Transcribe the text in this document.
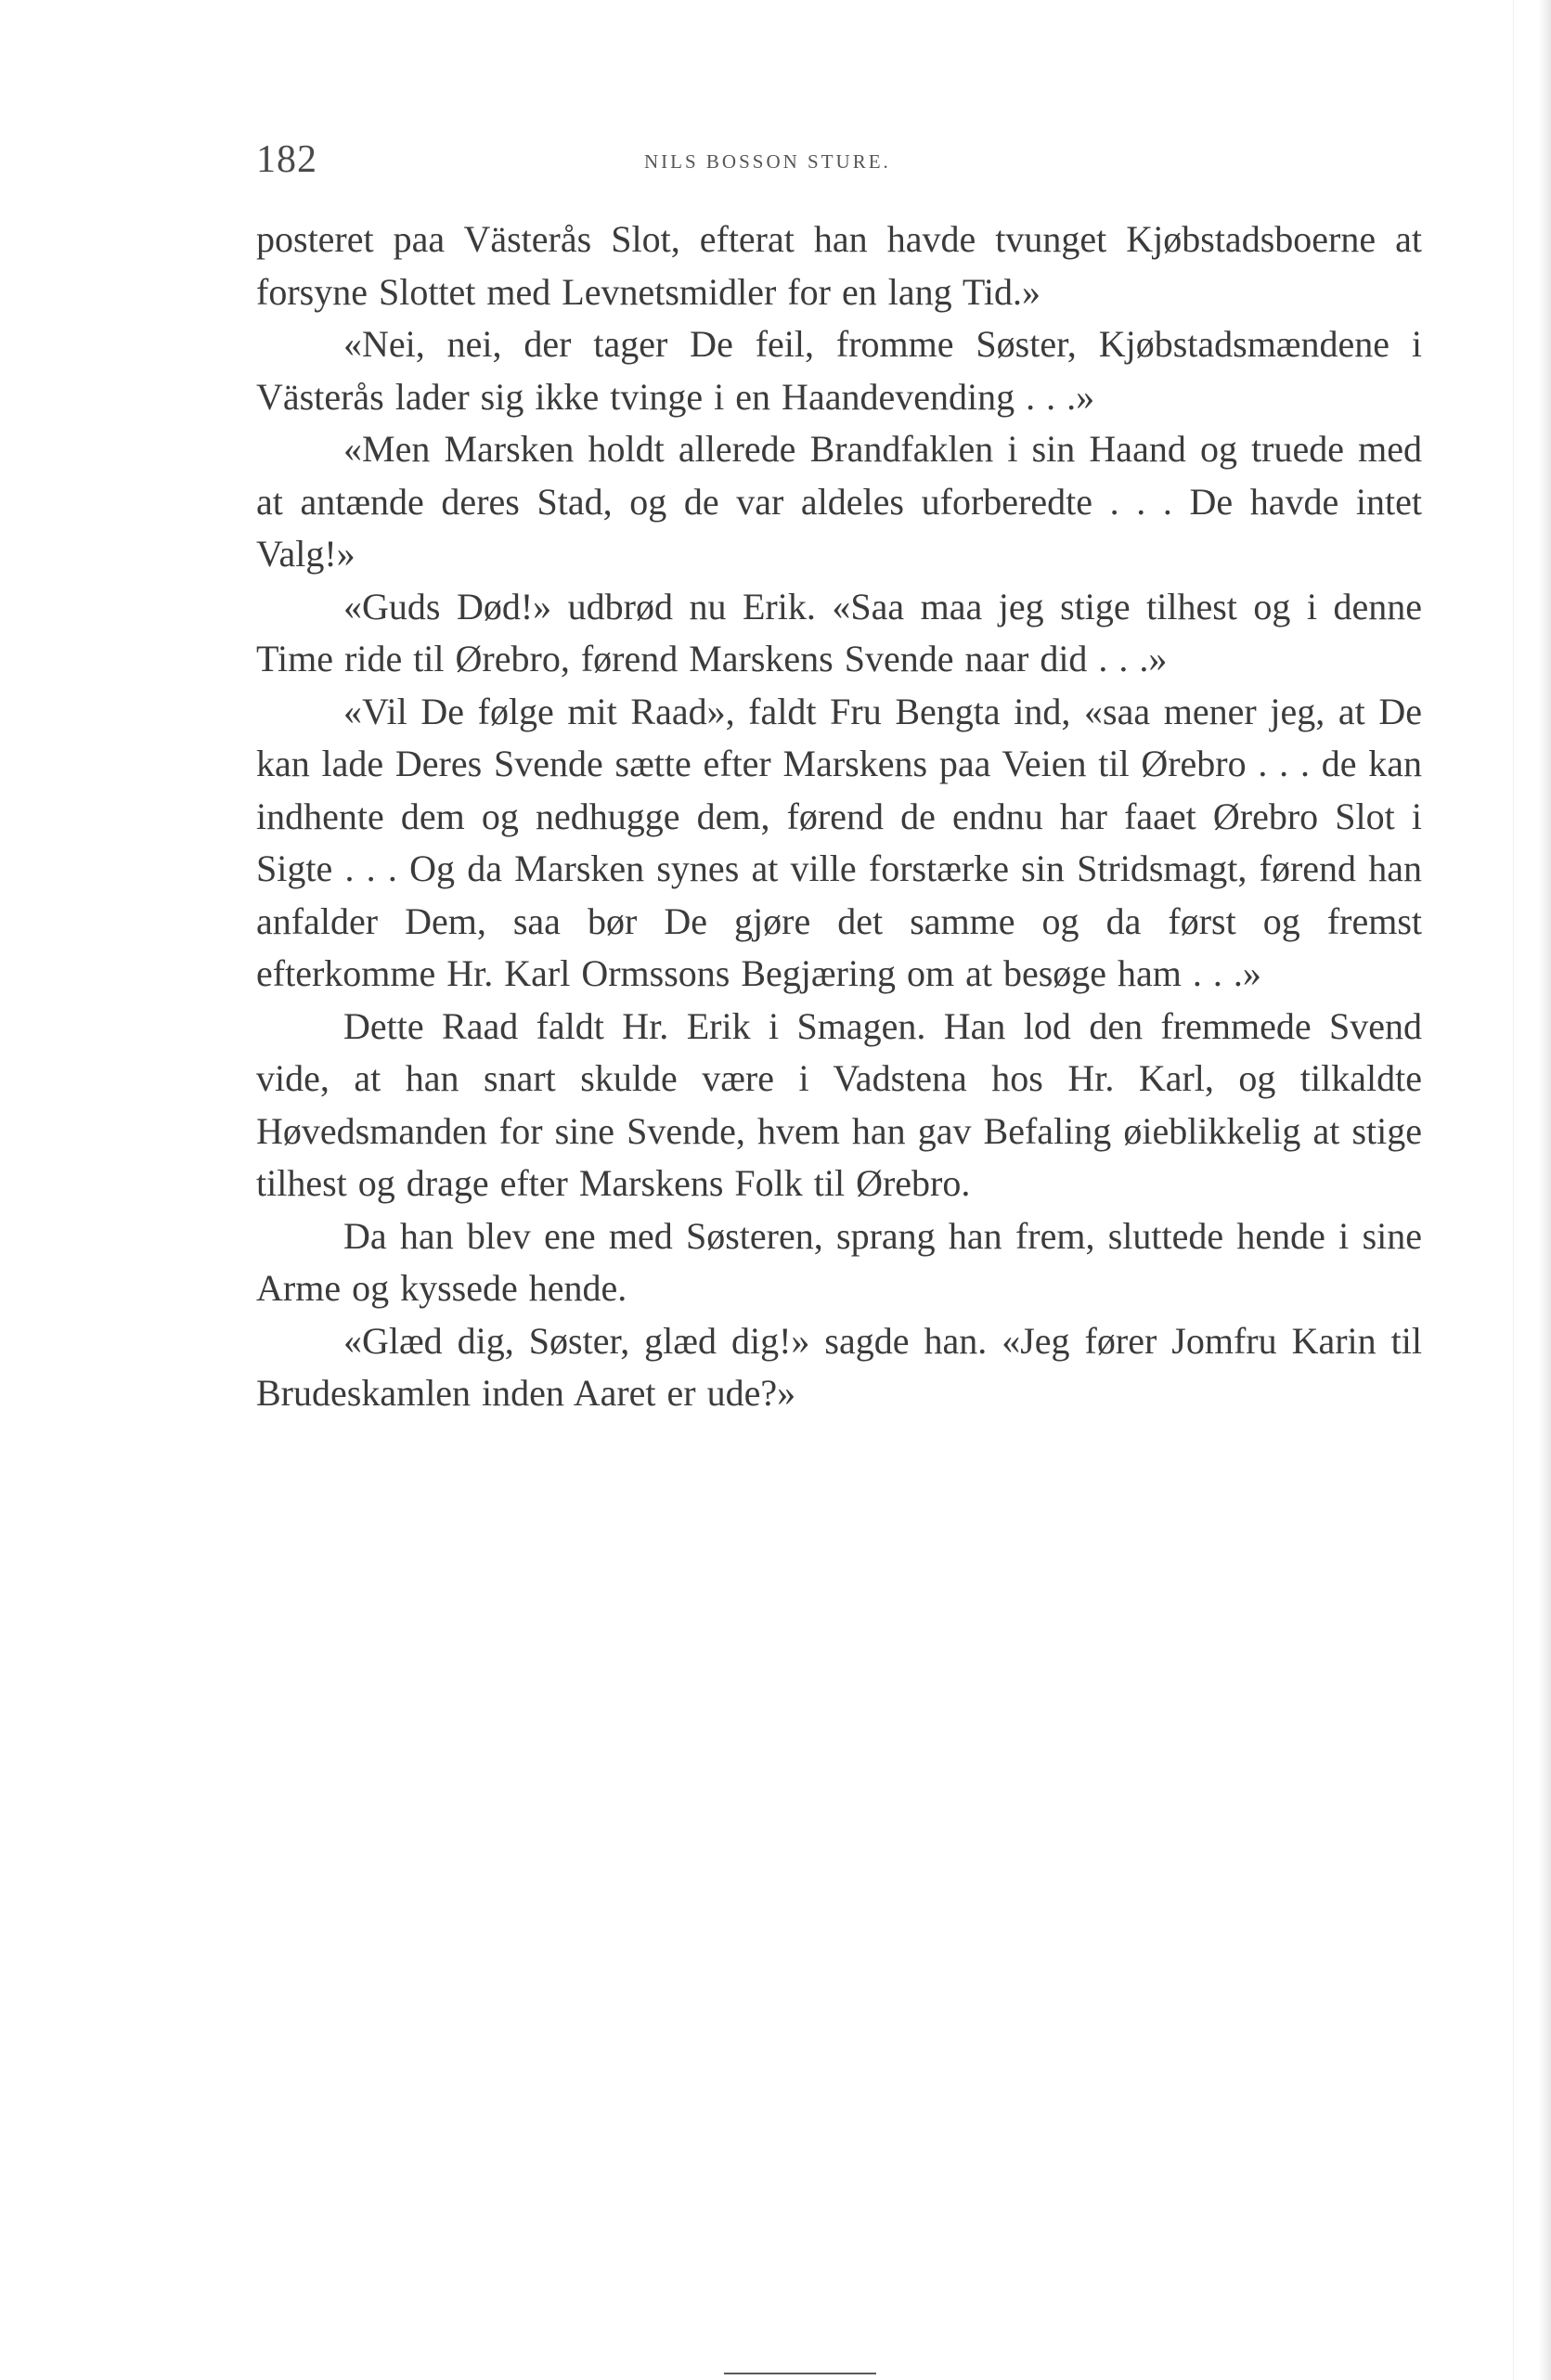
182	NILS BOSSON STURE.

posteret paa Västerås Slot, efterat han havde tvunget Kjøbstadsboerne at forsyne Slottet med Levnetsmidler for en lang Tid.»

«Nei, nei, der tager De feil, fromme Søster, Kjøbstadsmændene i Västerås lader sig ikke tvinge i en Haandevending . . .»

«Men Marsken holdt allerede Brandfaklen i sin Haand og truede med at antænde deres Stad, og de var aldeles uforberedte . . . De havde intet Valg!»

«Guds Død!» udbrød nu Erik. «Saa maa jeg stige tilhest og i denne Time ride til Ørebro, førend Marskens Svende naar did . . .»

«Vil De følge mit Raad», faldt Fru Bengta ind, «saa mener jeg, at De kan lade Deres Svende sætte efter Marskens paa Veien til Ørebro . . . de kan indhente dem og nedhugge dem, førend de endnu har faaet Ørebro Slot i Sigte . . . Og da Marsken synes at ville forstærke sin Stridsmagt, førend han anfalder Dem, saa bør De gjøre det samme og da først og fremst efterkomme Hr. Karl Ormssons Begjæring om at besøge ham . . .»

Dette Raad faldt Hr. Erik i Smagen. Han lod den fremmede Svend vide, at han snart skulde være i Vadstena hos Hr. Karl, og tilkaldte Høvedsmanden for sine Svende, hvem han gav Befaling øieblikkelig at stige tilhest og drage efter Marskens Folk til Ørebro.

Da han blev ene med Søsteren, sprang han frem, sluttede hende i sine Arme og kyssede hende.

«Glæd dig, Søster, glæd dig!» sagde han. «Jeg fører Jomfru Karin til Brudeskamlen inden Aaret er ude?»
